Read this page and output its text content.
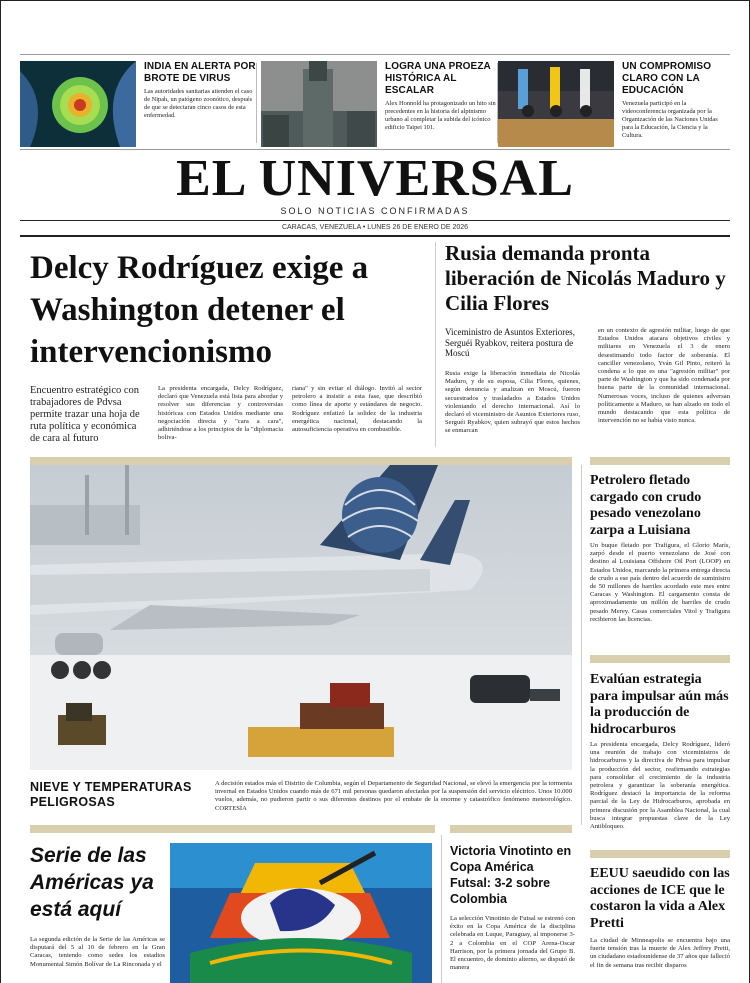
INDIA EN ALERTA POR BROTE DE VIRUS

Las autoridades sanitarias atienden el caso de Nipah, un patógeno zoonótico, después de que se detectaran cinco casos de esta enfermedad.

LOGRA UNA PROEZA HISTÓRICA AL ESCALAR

Alex Honnold ha protagonizado un hito sin precedentes en la historia del alpinismo urbano al completar la subida del icónico edificio Taipei 101.

UN COMPROMISO CLARO CON LA EDUCACIÓN

Venezuela participó en la videoconferencia organizada por la Organización de las Naciones Unidas para la Educación, la Ciencia y la Cultura.

EL UNIVERSAL
SOLO NOTICIAS CONFIRMADAS
CARACAS, VENEZUELA • LUNES 26 DE ENERO DE 2026
Delcy Rodríguez exige a Washington detener el intervencionismo

Encuentro estratégico con trabajadores de Pdvsa permite trazar una hoja de ruta política y económica de cara al futuro

La presidenta encargada, Delcy Rodríguez, declaró que Venezuela está lista para abordar y resolver sus diferencias y controversias históricas con Estados Unidos mediante una negociación directa y "cara a cara", adhiriéndose a los principios de la "diplomacia boliva-

riana" y sin evitar el diálogo. Invitó al sector petrolero a insistir a esta fase, que describió como línea de aporte y estándares de negocio. Rodríguez enfatizó la solidez de la industria energética nacional, destacando la autosuficiencia operativa en combustible.

Rusia demanda pronta liberación de Nicolás Maduro y Cilia Flores

Viceministro de Asuntos Exteriores, Serguéi Ryabkov, reitera postura de Moscú

Rusia exige la liberación inmediata de Nicolás Maduro, y de su esposa, Cilia Flores, quienes, según denuncia y analizan en Moscú, fueron secuestrados y trasladados a Estados Unidos violentando el derecho internacional. Así lo declaró el viceministro de Asuntos Exteriores ruso, Serguéi Ryabkov, quien subrayó que estos hechos se enmarcan

en un contexto de agresión militar, luego de que Estados Unidos atacara objetivos civiles y militares en Venezuela el 3 de enero desestimando todo factor de soberanía. El canciller venezolano, Yván Gil Pinto, reiteró la condena a lo que es una "agresión militar" por parte de Washington y que ha sido condenada por buena parte de la comunidad internacional. Numerosas voces, incluso de quienes adversan políticamente a Maduro, se han alzado en todo el mundo destacando que esta política de intervención no se había visto nunca.

NIEVE Y TEMPERATURAS PELIGROSAS

A decisión estados más el Distrito de Columbia, según el Departamento de Seguridad Nacional, se elevó la emergencia por la tormenta invernal en Estados Unidos cuando más de 671 mil personas quedaron afectadas por la suspensión del servicio eléctrico. Unos 10.000 vuelos, además, no pudieron partir o sus diferentes destinos por el embate de la enorme y catastrófico fenómeno meteorológico. CORTESÍA

Petrolero fletado cargado con crudo pesado venezolano zarpa a Luisiana

Un buque fletado por Trafigura, el Glorio Marís, zarpó desde el puerto venezolano de José con destino al Louisiana Offshore Oil Port (LOOP) en Estados Unidos, marcando la primera entrega directa de crudo a ese país dentro del acuerdo de suministro de 50 millones de barriles acordado este mes entre Caracas y Washington. El cargamento consta de aproximadamente un millón de barriles de crudo pesado Merey. Casas comerciales Vitol y Trafigura recibieron las licencias.

Evalúan estrategia para impulsar aún más la producción de hidrocarburos

La presidenta encargada, Delcy Rodríguez, lideró una reunión de trabajo con viceministros de hidrocarburos y la directiva de Pdvsa para impulsar la producción del sector, reafirmando estrategias para consolidar el crecimiento de la industria petrolera y garantizar la soberanía energética. Rodríguez destacó la importancia de la reforma parcial de la Ley de Hidrocarburos, aprobada en primera discusión por la Asamblea Nacional, la cual busca integrar propuestas clave de la Ley Antibloqueo.

EEUU saeudido con las acciones de ICE que le costaron la vida a Alex Pretti

La ciudad de Minneapolis se encuentra bajo una fuerte tensión tras la muerte de Alex Jeffrey Pretti, un ciudadano estadounidense de 37 años que falleció el fin de semana tras recibir disparos

Serie de las Américas ya está aquí

La segunda edición de la Serie de las Américas se disputará del 5 al 10 de febrero en la Gran Caracas, teniendo como sedes los estadios Monumental Simón Bolívar de La Rinconada y el

Victoria Vinotinto en Copa América Futsal: 3-2 sobre Colombia

La selección Vinotinto de Futsal se estrenó con éxito en la Copa América de la disciplina celebrada en Luque, Paraguay, al imponerse 3-2 a Colombia en el COP Arena-Oscar Harrison, por la primera jornada del Grupo B. El encuentro, de dominio alterno, se disputó de manera
